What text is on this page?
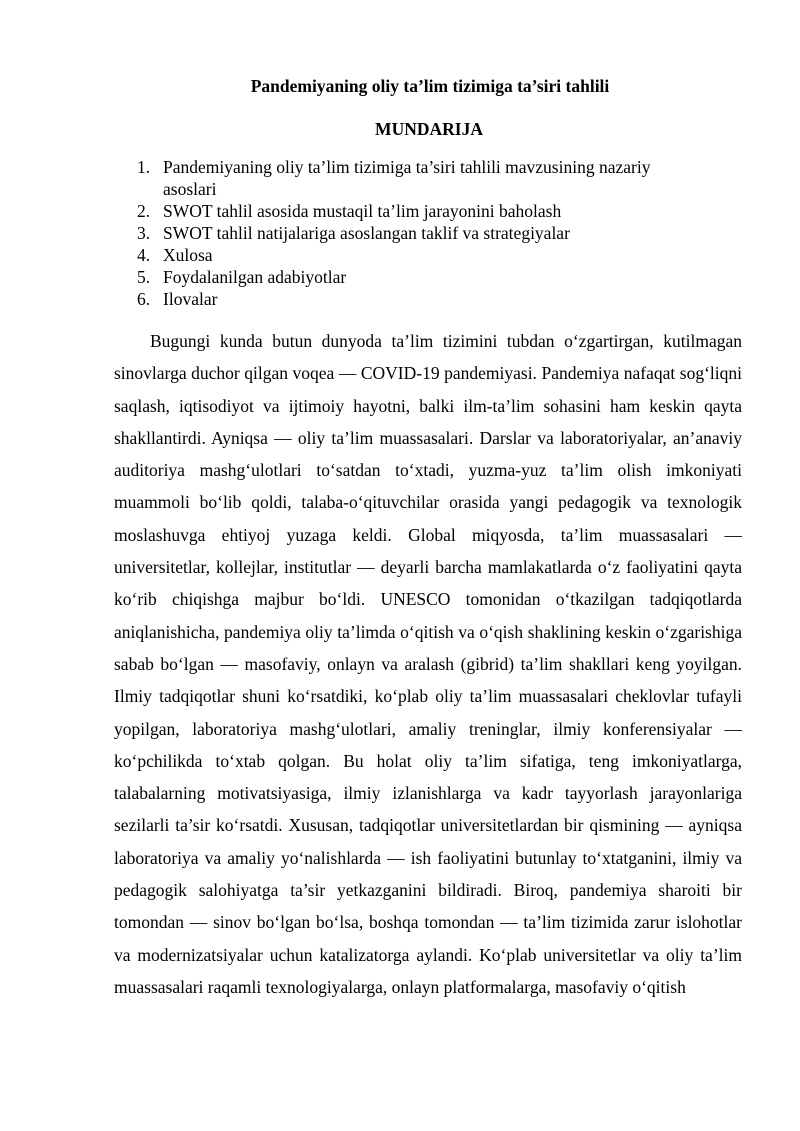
Pandemiyaning oliy ta’lim tizimiga ta’siri tahlili
MUNDARIJA
1. Pandemiyaning oliy ta’lim tizimiga ta’siri tahlili mavzusining nazariy asoslari
2. SWOT tahlil asosida mustaqil ta’lim jarayonini baholash
3. SWOT tahlil natijalariga asoslangan taklif va strategiyalar
4. Xulosa
5. Foydalanilgan adabiyotlar
6. Ilovalar

Bugungi kunda butun dunyoda ta’lim tizimini tubdan o‘zgartirgan, kutilmagan sinovlarga duchor qilgan voqea — COVID-19 pandemiyasi. Pandemiya nafaqat sog‘liqni saqlash, iqtisodiyot va ijtimoiy hayotni, balki ilm-ta’lim sohasini ham keskin qayta shakllantirdi. Ayniqsa — oliy ta’lim muassasalari. Darslar va laboratoriyalar, an’anaviy auditoriya mashg‘ulotlari to‘satdan to‘xtadi, yuzma-yuz ta’lim olish imkoniyati muammoli bo‘lib qoldi, talaba-o‘qituvchilar orasida yangi pedagogik va texnologik moslashuvga ehtiyoj yuzaga keldi. Global miqyosda, ta’lim muassasalari — universitetlar, kollejlar, institutlar — deyarli barcha mamlakatlarda o‘z faoliyatini qayta ko‘rib chiqishga majbur bo‘ldi. UNESCO tomonidan o‘tkazilgan tadqiqotlarda aniqlanishicha, pandemiya oliy ta’limda o‘qitish va o‘qish shaklining keskin o‘zgarishiga sabab bo‘lgan — masofaviy, onlayn va aralash (gibrid) ta’lim shakllari keng yoyilgan. Ilmiy tadqiqotlar shuni ko‘rsatdiki, ko‘plab oliy ta’lim muassasalari cheklovlar tufayli yopilgan, laboratoriya mashg‘ulotlari, amaliy treninglar, ilmiy konferensiyalar — ko‘pchilikda to‘xtab qolgan. Bu holat oliy ta’lim sifatiga, teng imkoniyatlarga, talabalarning motivatsiyasiga, ilmiy izlanishlarga va kadr tayyorlash jarayonlariga sezilarli ta’sir ko‘rsatdi. Xususan, tadqiqotlar universitetlardan bir qismining — ayniqsa laboratoriya va amaliy yo‘nalishlarda — ish faoliyatini butunlay to‘xtatganini, ilmiy va pedagogik salohiyatga ta’sir yetkazganini bildiradi. Biroq, pandemiya sharoiti bir tomondan — sinov bo‘lgan bo‘lsa, boshqa tomondan — ta’lim tizimida zarur islohotlar va modernizatsiyalar uchun katalizatorga aylandi. Ko‘plab universitetlar va oliy ta’lim muassasalari raqamli texnologiyalarga, onlayn platformalarga, masofaviy o‘qitish
